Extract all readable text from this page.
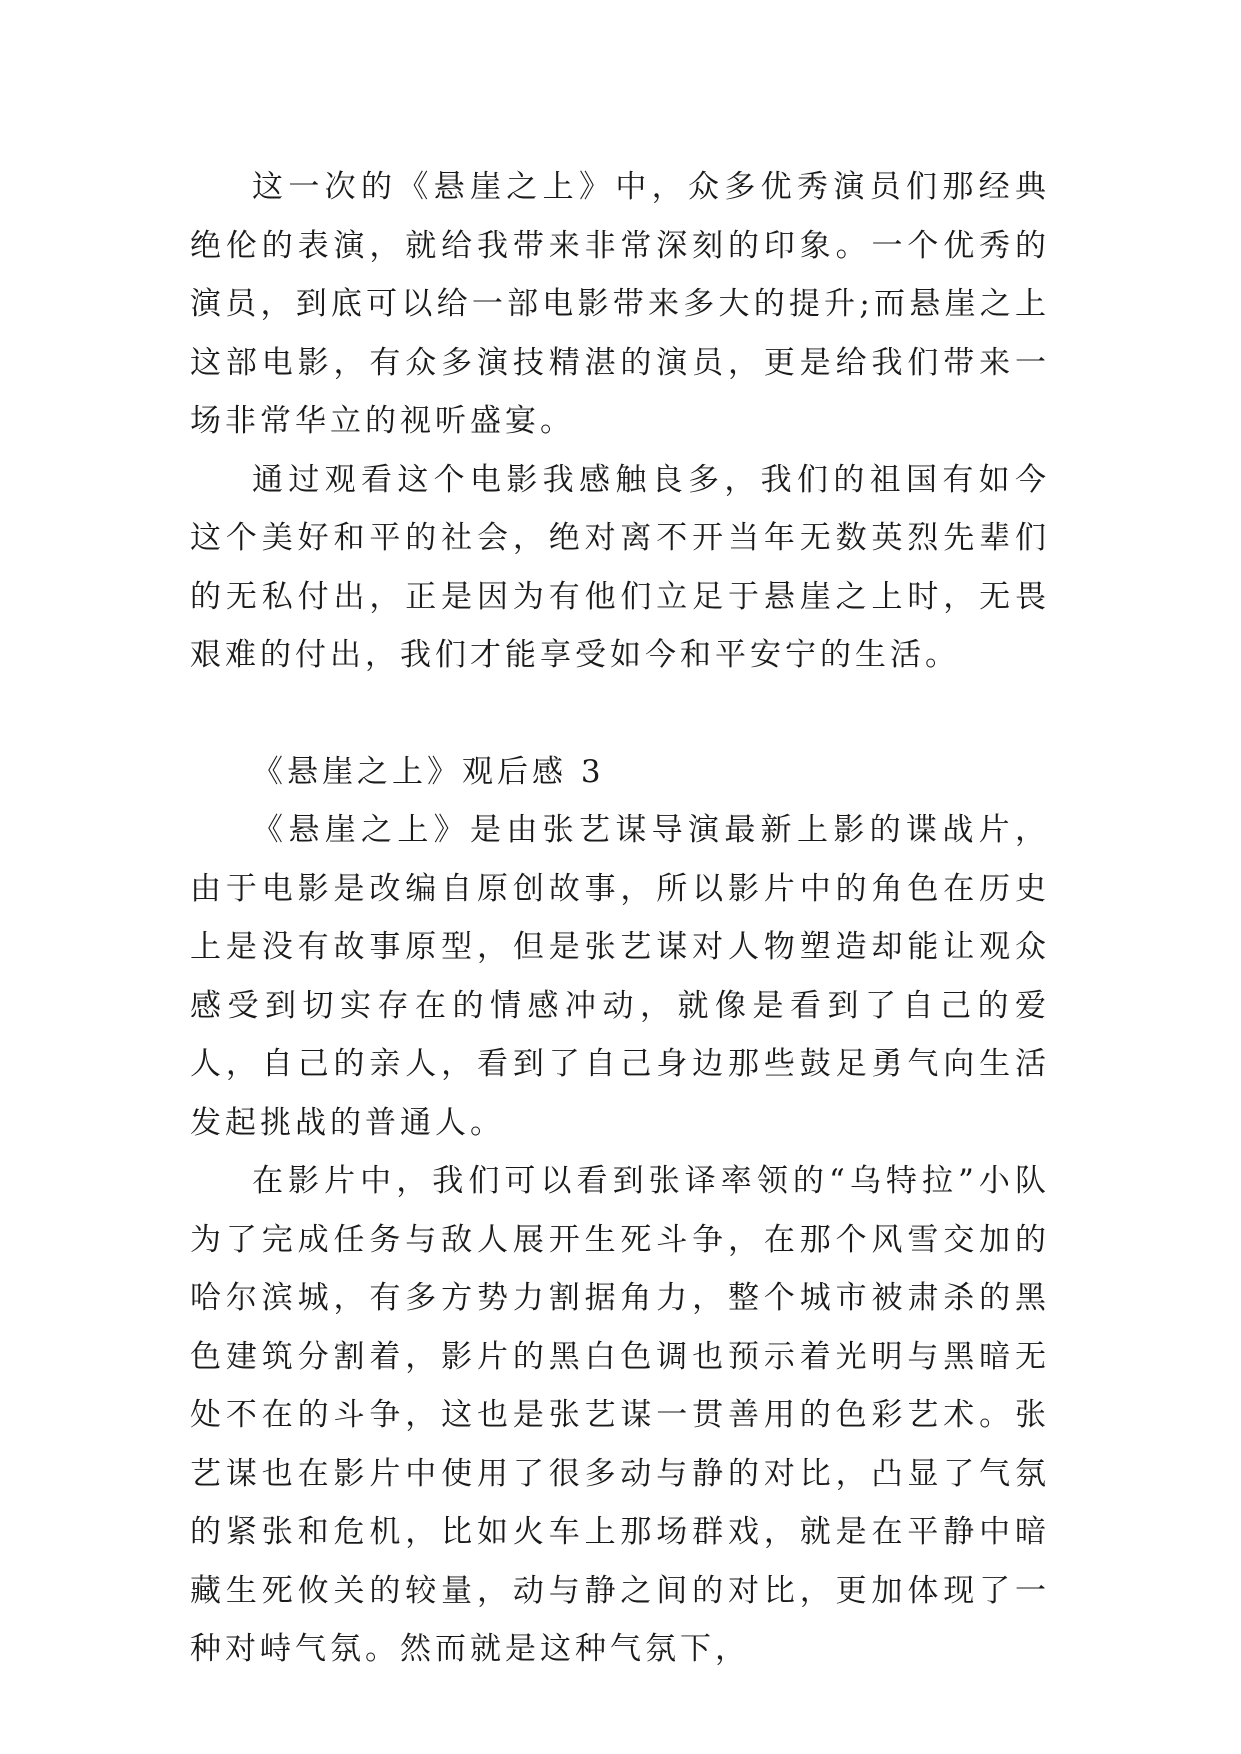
这一次的《悬崖之上》中，众多优秀演员们那经典绝伦的表演，就给我带来非常深刻的印象。一个优秀的演员，到底可以给一部电影带来多大的提升;而悬崖之上这部电影，有众多演技精湛的演员，更是给我们带来一场非常华立的视听盛宴。

通过观看这个电影我感触良多，我们的祖国有如今这个美好和平的社会，绝对离不开当年无数英烈先辈们的无私付出，正是因为有他们立足于悬崖之上时，无畏艰难的付出，我们才能享受如今和平安宁的生活。

《悬崖之上》观后感 3

《悬崖之上》是由张艺谋导演最新上影的谍战片，由于电影是改编自原创故事，所以影片中的角色在历史上是没有故事原型，但是张艺谋对人物塑造却能让观众感受到切实存在的情感冲动，就像是看到了自己的爱人，自己的亲人，看到了自己身边那些鼓足勇气向生活发起挑战的普通人。

在影片中，我们可以看到张译率领的“乌特拉”小队为了完成任务与敌人展开生死斗争，在那个风雪交加的哈尔滨城，有多方势力割据角力，整个城市被肃杀的黑色建筑分割着，影片的黑白色调也预示着光明与黑暗无处不在的斗争，这也是张艺谋一贯善用的色彩艺术。张艺谋也在影片中使用了很多动与静的对比，凸显了气氛的紧张和危机，比如火车上那场群戏，就是在平静中暗藏生死攸关的较量，动与静之间的对比，更加体现了一种对峙气氛。然而就是这种气氛下，
